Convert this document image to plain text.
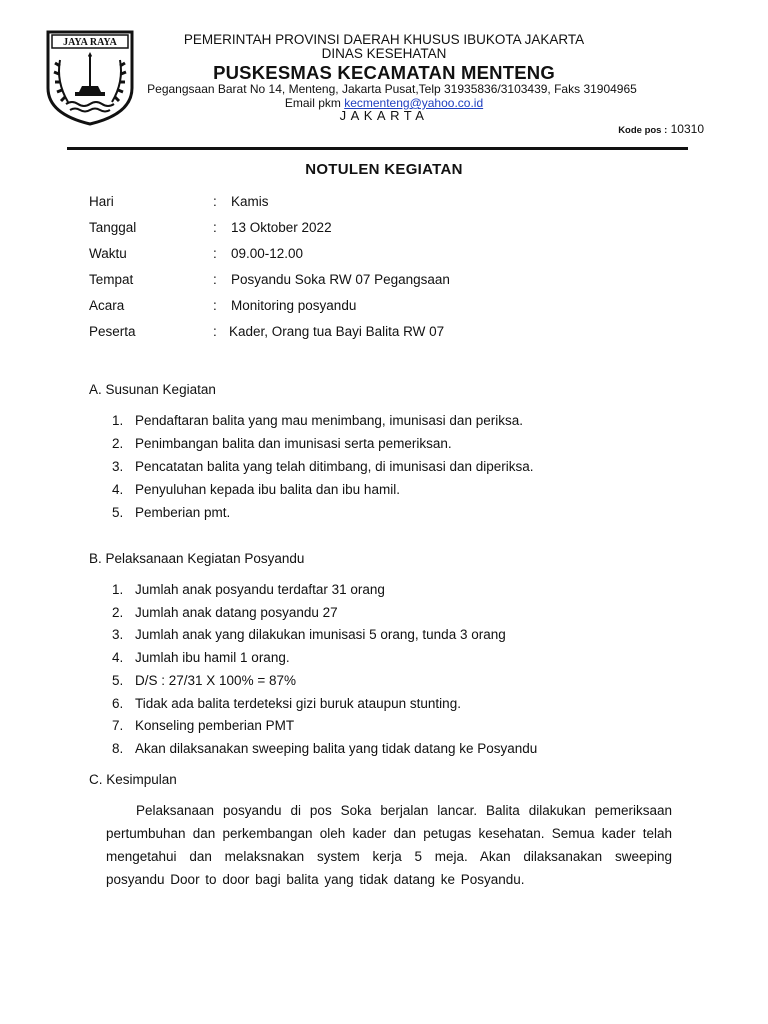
JAYA RAYA	PEMERINTAH PROVINSI DAERAH KHUSUS IBUKOTA JAKARTA
DINAS KESEHATAN
PUSKESMAS KECAMATAN MENTENG
Pegangsaan Barat No 14, Menteng, Jakarta Pusat,Telp 31935836/3103439, Faks 31904965
Email pkm kecmenteng@yahoo.co.id
JAKARTA
Kode pos : 10310
NOTULEN KEGIATAN
Hari	: Kamis
Tanggal	: 13 Oktober 2022
Waktu	: 09.00-12.00
Tempat	: Posyandu Soka RW 07 Pegangsaan
Acara	: Monitoring posyandu
Peserta	: Kader, Orang tua Bayi Balita RW 07
A. Susunan Kegiatan
1. Pendaftaran balita yang mau menimbang, imunisasi dan periksa.
2. Penimbangan balita dan imunisasi serta pemeriksan.
3. Pencatatan balita yang telah ditimbang, di imunisasi dan diperiksa.
4. Penyuluhan kepada ibu balita dan ibu hamil.
5. Pemberian pmt.
B. Pelaksanaan Kegiatan Posyandu
1. Jumlah anak posyandu terdaftar 31 orang
2. Jumlah anak datang posyandu 27
3. Jumlah anak yang dilakukan imunisasi 5 orang, tunda 3 orang
4. Jumlah ibu hamil 1 orang.
5. D/S : 27/31 X 100% = 87%
6. Tidak ada balita terdeteksi gizi buruk ataupun stunting.
7. Konseling pemberian PMT
8. Akan dilaksanakan sweeping balita yang tidak datang ke Posyandu
C. Kesimpulan
Pelaksanaan posyandu di pos Soka berjalan lancar. Balita dilakukan pemeriksaan pertumbuhan dan perkembangan oleh kader dan petugas kesehatan. Semua kader telah mengetahui dan melaksnakan system kerja 5 meja. Akan dilaksanakan sweeping posyandu Door to door bagi balita yang tidak datang ke Posyandu.
